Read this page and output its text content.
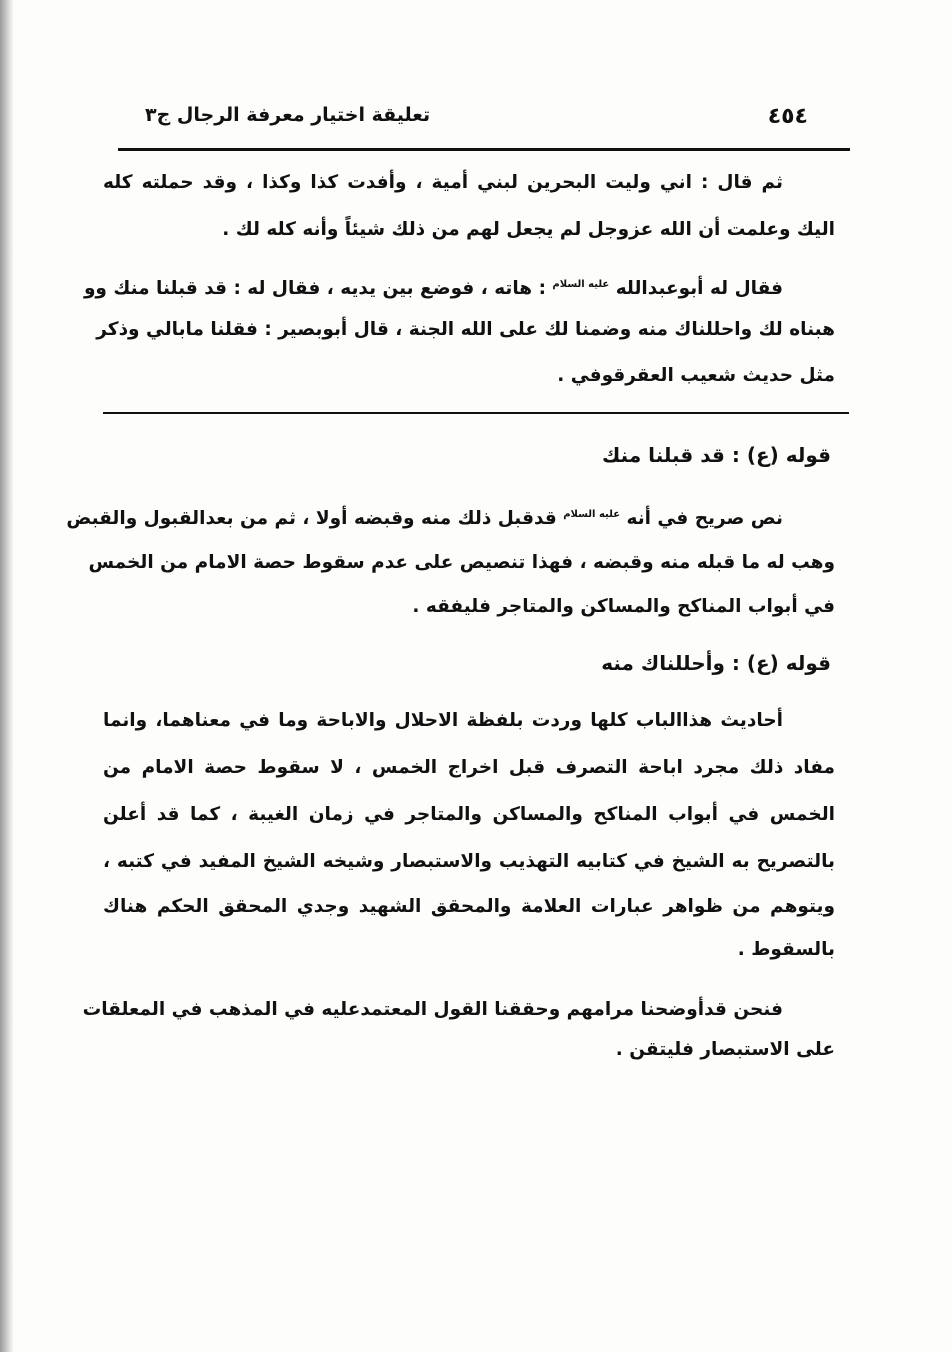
٤٥٤
تعليقة اختيار معرفة الرجال ج٣
ثم قال : اني وليت البحرين لبني أمية ، وأفدت كذا وكذا ، وقد حملته كله
اليك وعلمت أن الله عزوجل لم يجعل لهم من ذلك شيئاً وأنه كله لك .
فقال له أبوعبدالله $^{عليه السلام}$ : هاته ، فوضع بين يديه ، فقال له : قد قبلنا منك وو
هبناه لك واحللناك منه وضمنا لك على الله الجنة ، قال أبوبصير : فقلنا مابالي وذكر
مثل حديث شعيب العقرقوفي .
قوله (ع) : قد قبلنا منك
نص صريح في أنه $^{عليه السلام}$ قدقبل ذلك منه وقبضه أولا ، ثم من بعدالقبول والقبض
وهب له ما قبله منه وقبضه ، فهذا تنصيص على عدم سقوط حصة الامام من الخمس
في أبواب المناكح والمساكن والمتاجر فليفقه .
قوله (ع) : وأحللناك منه
أحاديث هذاالباب كلها وردت بلفظة الاحلال والاباحة وما في معناهما، وانما
مفاد ذلك مجرد اباحة التصرف قبل اخراج الخمس ، لا سقوط حصة الامام من
الخمس في أبواب المناكح والمساكن والمتاجر في زمان الغيبة ، كما قد أعلن
بالتصريح به الشيخ في كتابيه التهذيب والاستبصار وشيخه الشيخ المفيد في كتبه ،
ويتوهم من ظواهر عبارات العلامة والمحقق الشهيد وجدي المحقق الحكم هناك
بالسقوط .
فنحن قدأوضحنا مرامهم وحققنا القول المعتمدعليه في المذهب في المعلقات
على الاستبصار فليتقن .
